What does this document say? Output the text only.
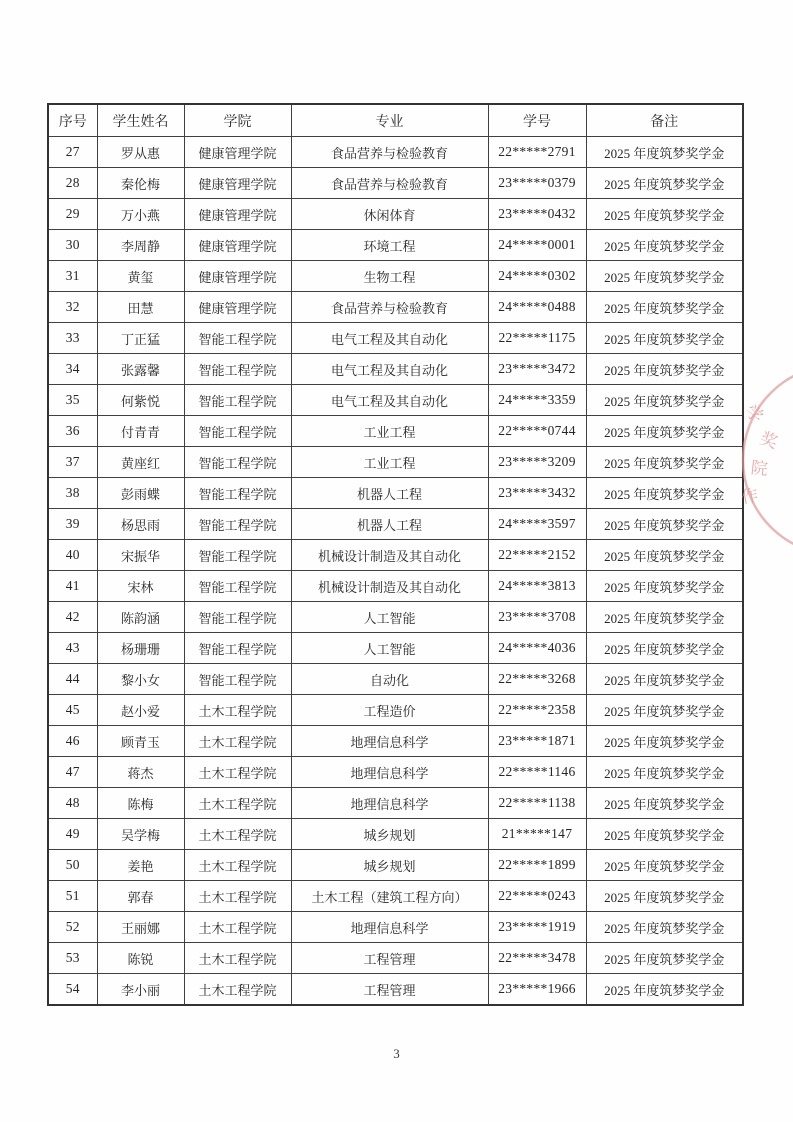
序号	学生姓名	学院	专业	学号	备注
27	罗从惠	健康管理学院	食品营养与检验教育	22*****2791	2025 年度筑梦奖学金
28	秦伦梅	健康管理学院	食品营养与检验教育	23*****0379	2025 年度筑梦奖学金
29	万小燕	健康管理学院	休闲体育	23*****0432	2025 年度筑梦奖学金
30	李周静	健康管理学院	环境工程	24*****0001	2025 年度筑梦奖学金
31	黄玺	健康管理学院	生物工程	24*****0302	2025 年度筑梦奖学金
32	田慧	健康管理学院	食品营养与检验教育	24*****0488	2025 年度筑梦奖学金
33	丁正猛	智能工程学院	电气工程及其自动化	22*****1175	2025 年度筑梦奖学金
34	张露馨	智能工程学院	电气工程及其自动化	23*****3472	2025 年度筑梦奖学金
35	何紫悦	智能工程学院	电气工程及其自动化	24*****3359	2025 年度筑梦奖学金
36	付青青	智能工程学院	工业工程	22*****0744	2025 年度筑梦奖学金
37	黄座红	智能工程学院	工业工程	23*****3209	2025 年度筑梦奖学金
38	彭雨蝶	智能工程学院	机器人工程	23*****3432	2025 年度筑梦奖学金
39	杨思雨	智能工程学院	机器人工程	24*****3597	2025 年度筑梦奖学金
40	宋振华	智能工程学院	机械设计制造及其自动化	22*****2152	2025 年度筑梦奖学金
41	宋林	智能工程学院	机械设计制造及其自动化	24*****3813	2025 年度筑梦奖学金
42	陈韵涵	智能工程学院	人工智能	23*****3708	2025 年度筑梦奖学金
43	杨珊珊	智能工程学院	人工智能	24*****4036	2025 年度筑梦奖学金
44	黎小女	智能工程学院	自动化	22*****3268	2025 年度筑梦奖学金
45	赵小爱	土木工程学院	工程造价	22*****2358	2025 年度筑梦奖学金
46	顾青玉	土木工程学院	地理信息科学	23*****1871	2025 年度筑梦奖学金
47	蒋杰	土木工程学院	地理信息科学	22*****1146	2025 年度筑梦奖学金
48	陈梅	土木工程学院	地理信息科学	22*****1138	2025 年度筑梦奖学金
49	吴学梅	土木工程学院	城乡规划	21*****147	2025 年度筑梦奖学金
50	姜艳	土木工程学院	城乡规划	22*****1899	2025 年度筑梦奖学金
51	郭春	土木工程学院	土木工程（建筑工程方向）	22*****0243	2025 年度筑梦奖学金
52	王丽娜	土木工程学院	地理信息科学	23*****1919	2025 年度筑梦奖学金
53	陈锐	土木工程学院	工程管理	22*****3478	2025 年度筑梦奖学金
54	李小丽	土木工程学院	工程管理	23*****1966	2025 年度筑梦奖学金
学
奖
院
作
3
